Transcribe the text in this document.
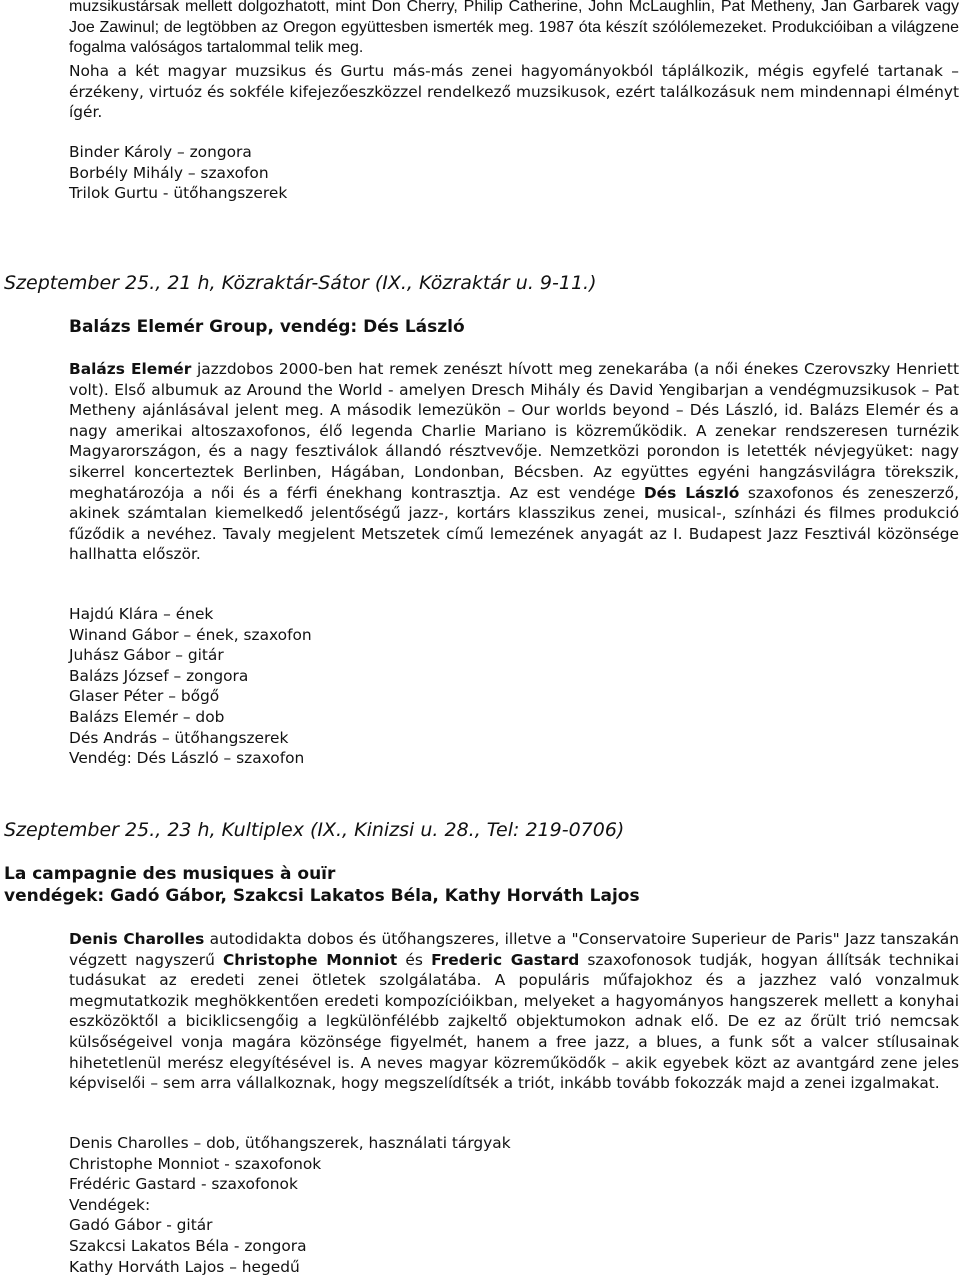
muzsikustársak mellett dolgozhatott, mint Don Cherry, Philip Catherine, John McLaughlin, Pat Metheny, Jan Garbarek vagy Joe Zawinul; de legtöbben az Oregon együttesben ismerték meg. 1987 óta készít szólólemezeket. Produkcióiban a világzene fogalma valóságos tartalommal telik meg.

Noha a két magyar muzsikus és Gurtu más-más zenei hagyományokból táplálkozik, mégis egyfelé tartanak – érzékeny, virtuóz és sokféle kifejezőeszközzel rendelkező muzsikusok, ezért találkozásuk nem mindennapi élményt ígér.

Binder Károly – zongora
Borbély Mihály – szaxofon
Trilok Gurtu - ütőhangszerek

Szeptember 25., 21 h, Közraktár-Sátor (IX., Közraktár u. 9-11.)

Balázs Elemér Group, vendég: Dés László

Balázs Elemér jazzdobos 2000-ben hat remek zenészt hívott meg zenekarába (a női énekes Czerovszky Henriett volt). Első albumuk az Around the World - amelyen Dresch Mihály és David Yengibarjan a vendégmuzsikusok – Pat Metheny ajánlásával jelent meg. A második lemezükön – Our worlds beyond – Dés László, id. Balázs Elemér és a nagy amerikai altoszaxofonos, élő legenda Charlie Mariano is közreműködik. A zenekar rendszeresen turnézik Magyarországon, és a nagy fesztiválok állandó résztvevője. Nemzetközi porondon is letették névjegyüket: nagy sikerrel koncerteztek Berlinben, Hágában, Londonban, Bécsben. Az együttes egyéni hangzásvilágra törekszik, meghatározója a női és a férfi énekhang kontrasztja. Az est vendége Dés László szaxofonos és zeneszerző, akinek számtalan kiemelkedő jelentőségű jazz-, kortárs klasszikus zenei, musical-, színházi és filmes produkció fűződik a nevéhez. Tavaly megjelent Metszetek című lemezének anyagát az I. Budapest Jazz Fesztivál közönsége hallhatta először.

Hajdú Klára – ének
Winand Gábor – ének, szaxofon
Juhász Gábor – gitár
Balázs József – zongora
Glaser Péter – bőgő
Balázs Elemér – dob
Dés András – ütőhangszerek
Vendég: Dés László – szaxofon

Szeptember 25., 23 h, Kultiplex (IX., Kinizsi u. 28., Tel: 219-0706)

La campagnie des musiques à ouïr
vendégek: Gadó Gábor, Szakcsi Lakatos Béla, Kathy Horváth Lajos

Denis Charolles autodidakta dobos és ütőhangszeres, illetve a "Conservatoire Superieur de Paris" Jazz tanszakán végzett nagyszerű Christophe Monniot és Frederic Gastard szaxofonosok tudják, hogyan állítsák technikai tudásukat az eredeti zenei ötletek szolgálatába. A populáris műfajokhoz és a jazzhez való vonzalmuk megmutatkozik meghökkentően eredeti kompozícióikban, melyeket a hagyományos hangszerek mellett a konyhai eszközöktől a biciklicsengőig a legkülönfélébb zajkeltő objektumokon adnak elő. De ez az őrült trió nemcsak külsőségeivel vonja magára közönsége figyelmét, hanem a free jazz, a blues, a funk sőt a valcer stílusainak hihetetlenül merész elegyítésével is. A neves magyar közreműködők – akik egyebek közt az avantgárd zene jeles képviselői – sem arra vállalkoznak, hogy megszelídítsék a triót, inkább tovább fokozzák majd a zenei izgalmakat.

Denis Charolles – dob, ütőhangszerek, használati tárgyak
Christophe Monniot - szaxofonok
Frédéric Gastard - szaxofonok
Vendégek:
Gadó Gábor - gitár
Szakcsi Lakatos Béla - zongora
Kathy Horváth Lajos – hegedű
